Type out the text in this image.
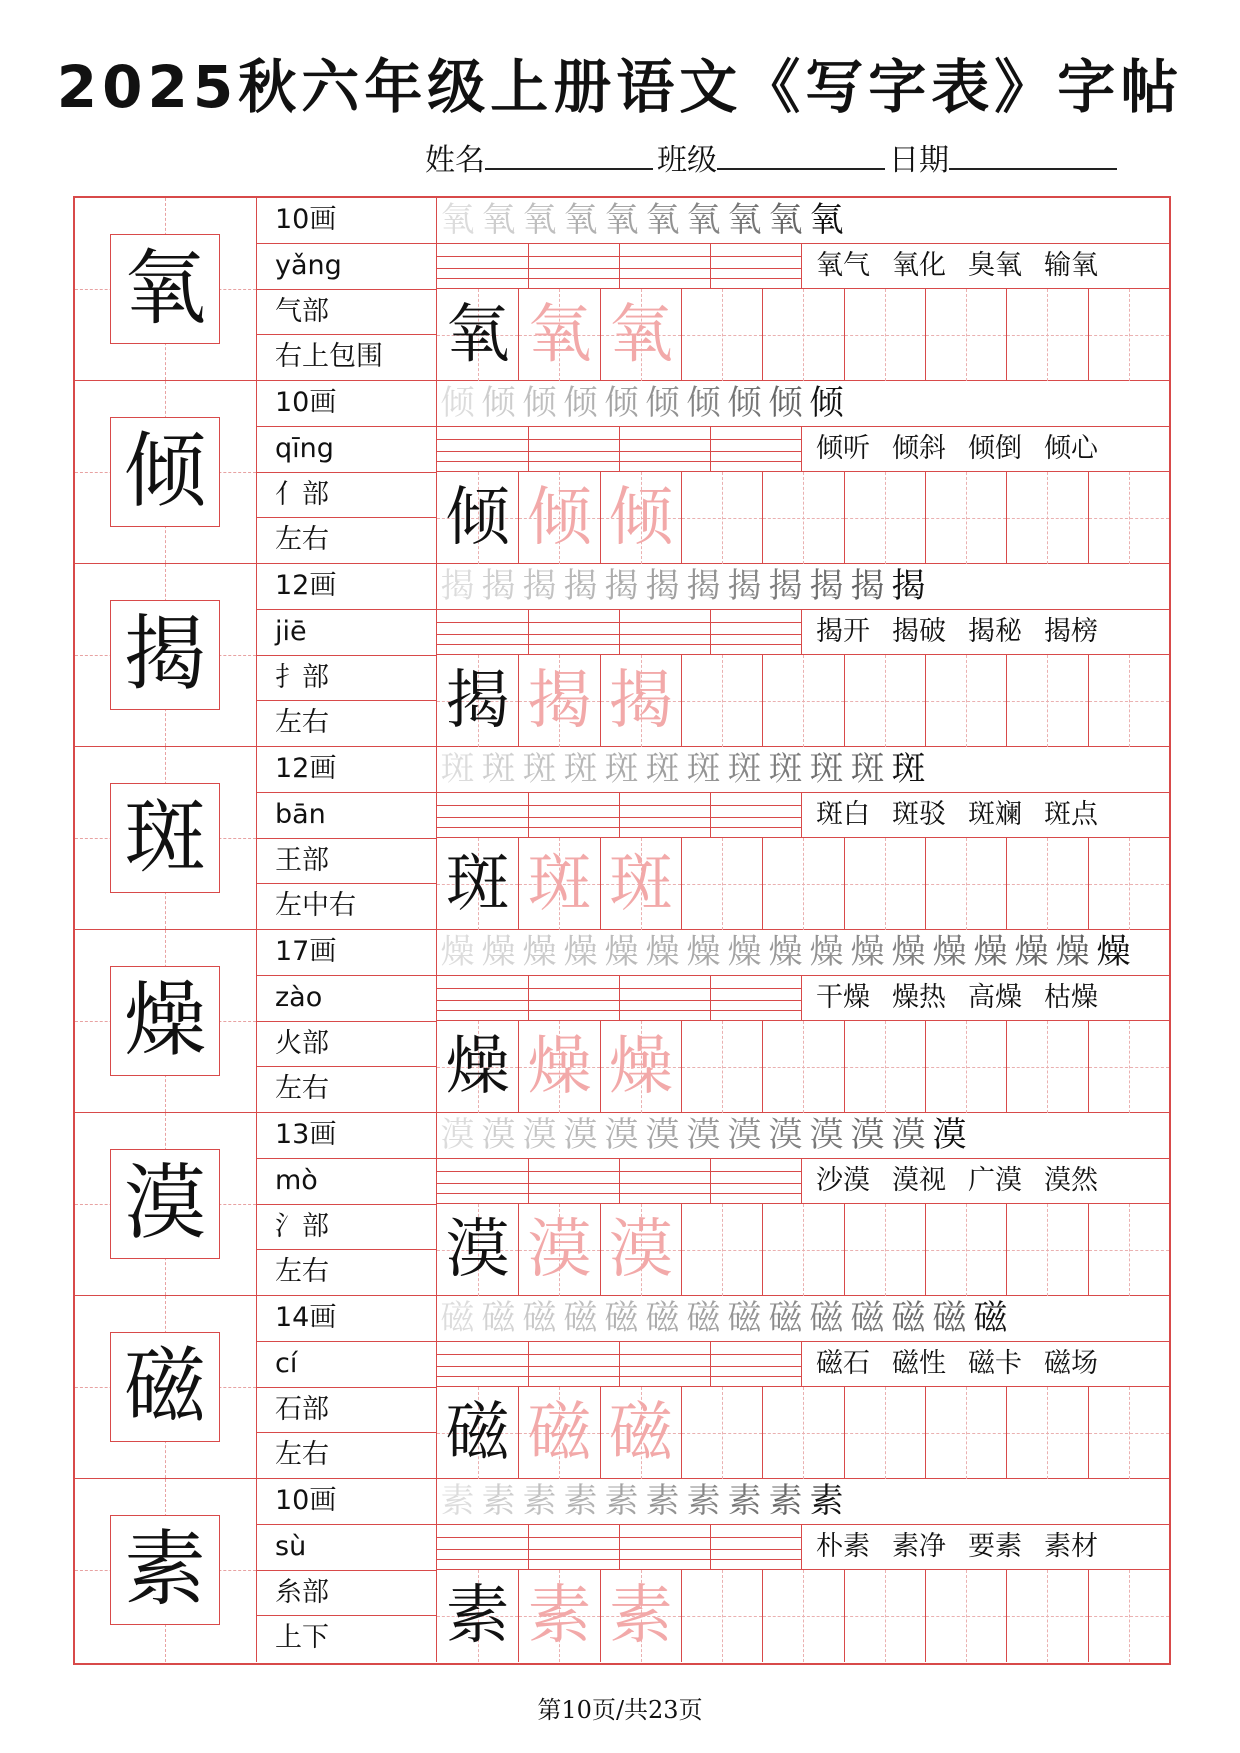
2025秋六年级上册语文《写字表》字帖
姓名	班级	日期
氧
10画
yǎng
气部
右上包围
氧 氧 氧 氧 氧 氧 氧 氧 氧 氧
氧气 氧化 臭氧 输氧
氧 氧 氧
倾
10画
qīng
亻部
左右
倾 倾 倾 倾 倾 倾 倾 倾 倾 倾
倾听 倾斜 倾倒 倾心
倾 倾 倾
揭
12画
jiē
扌部
左右
揭 揭 揭 揭 揭 揭 揭 揭 揭 揭 揭 揭
揭开 揭破 揭秘 揭榜
揭 揭 揭
斑
12画
bān
王部
左中右
斑 斑 斑 斑 斑 斑 斑 斑 斑 斑 斑 斑
斑白 斑驳 斑斓 斑点
斑 斑 斑
燥
17画
zào
火部
左右
燥 燥 燥 燥 燥 燥 燥 燥 燥 燥 燥 燥 燥 燥 燥 燥 燥
干燥 燥热 高燥 枯燥
燥 燥 燥
漠
13画
mò
氵部
左右
漠 漠 漠 漠 漠 漠 漠 漠 漠 漠 漠 漠 漠
沙漠 漠视 广漠 漠然
漠 漠 漠
磁
14画
cí
石部
左右
磁 磁 磁 磁 磁 磁 磁 磁 磁 磁 磁 磁 磁 磁
磁石 磁性 磁卡 磁场
磁 磁 磁
素
10画
sù
糸部
上下
素 素 素 素 素 素 素 素 素 素
朴素 素净 要素 素材
素 素 素
第10页/共23页
